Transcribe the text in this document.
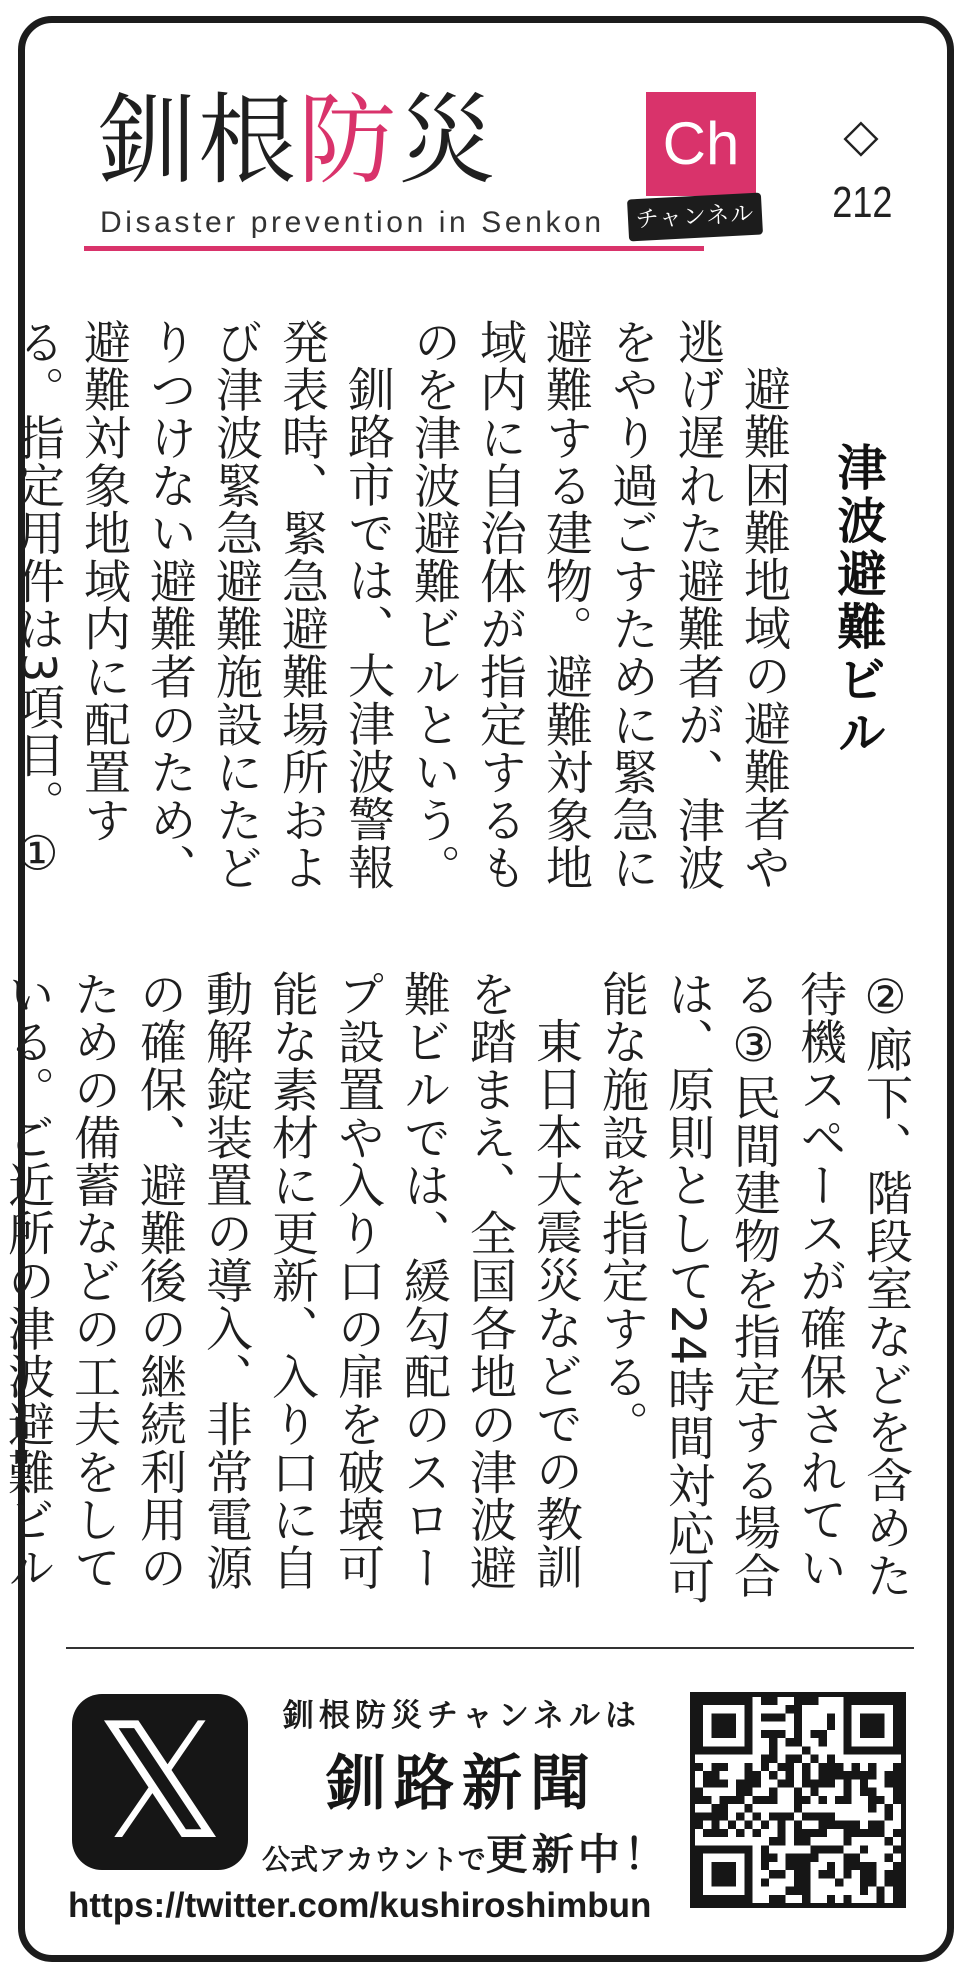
釧 根 防 災	Ch
チャンネル
Disaster prevention in Senkon
◇
212
津波避難ビル

避難困難地域の避難者や逃げ遅れた避難者が、津波をやり過ごすために緊急に避難する建物。避難対象地域内に自治体が指定するものを津波避難ビルという。

釧路市では、大津波警報発表時、緊急避難場所および津波緊急避難施設にたどりつけない避難者のため、避難対象地域内に配置する。指定用件は3項目。①

②廊下、階段室などを含めた待機スペースが確保されている③民間建物を指定する場合は、原則として24時間対応可能な施設を指定する。

東日本大震災などでの教訓を踏まえ、全国各地の津波避難ビルでは、緩勾配のスロープ設置や入り口の扉を破壊可能な素材に更新、入り口に自動解錠装置の導入、非常電源の確保、避難後の継続利用のための備蓄などの工夫をしている。ご近所の津波避難ビル

𝕏	釧根防災チャンネルは
釧路新聞
公式アカウントで更新中！
https://twitter.com/kushiroshimbun
